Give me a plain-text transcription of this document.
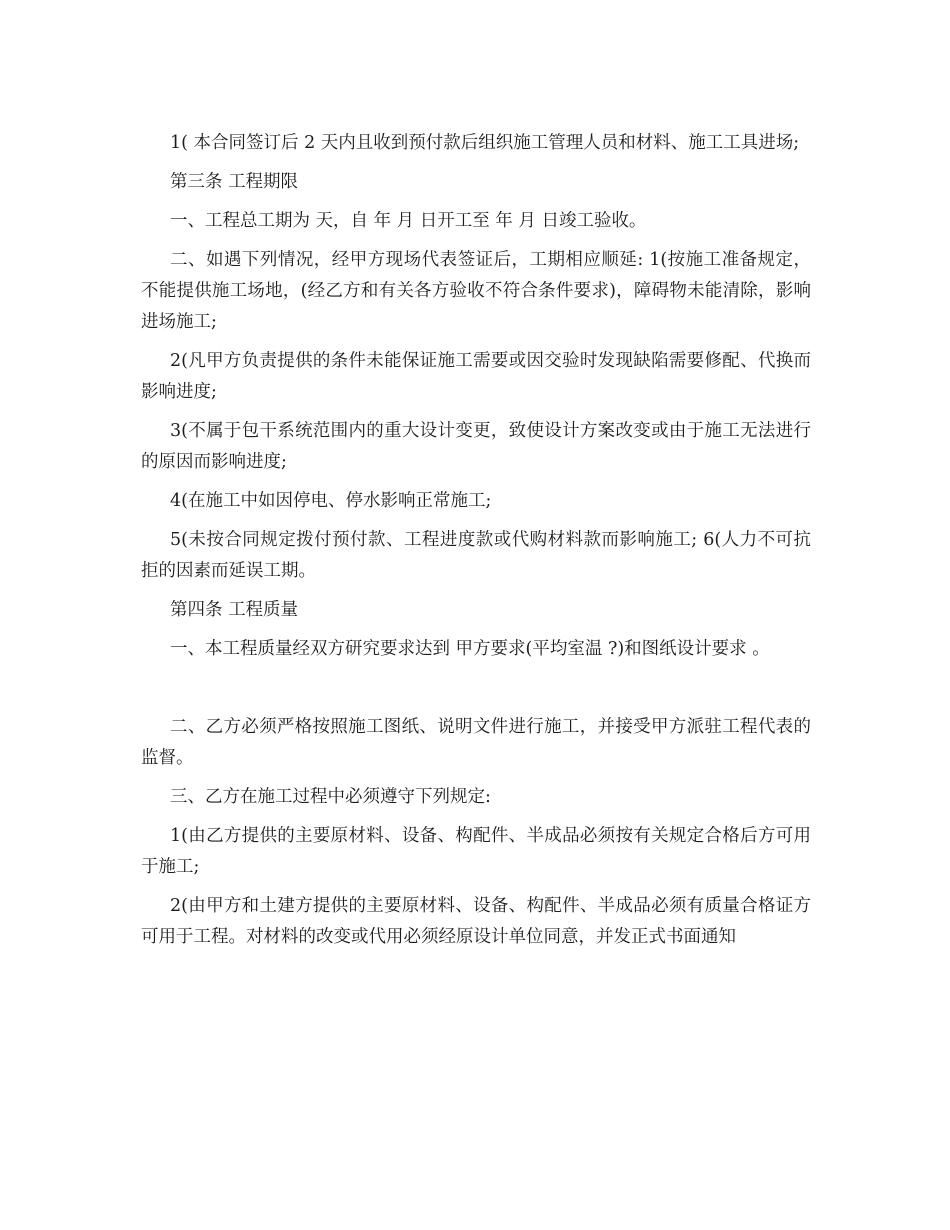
1( 本合同签订后 2 天内且收到预付款后组织施工管理人员和材料、施工工具进场;

第三条 工程期限

一、工程总工期为 天，自 年 月 日开工至 年 月 日竣工验收。

二、如遇下列情况，经甲方现场代表签证后，工期相应顺延: 1(按施工准备规定，不能提供施工场地，(经乙方和有关各方验收不符合条件要求)，障碍物未能清除，影响进场施工;

2(凡甲方负责提供的条件未能保证施工需要或因交验时发现缺陷需要修配、代换而影响进度;

3(不属于包干系统范围内的重大设计变更，致使设计方案改变或由于施工无法进行的原因而影响进度;

4(在施工中如因停电、停水影响正常施工;

5(未按合同规定拨付预付款、工程进度款或代购材料款而影响施工; 6(人力不可抗拒的因素而延误工期。

第四条 工程质量

一、本工程质量经双方研究要求达到 甲方要求(平均室温 ?)和图纸设计要求 。

二、乙方必须严格按照施工图纸、说明文件进行施工，并接受甲方派驻工程代表的监督。

三、乙方在施工过程中必须遵守下列规定:

1(由乙方提供的主要原材料、设备、构配件、半成品必须按有关规定合格后方可用于施工;

2(由甲方和土建方提供的主要原材料、设备、构配件、半成品必须有质量合格证方可用于工程。对材料的改变或代用必须经原设计单位同意，并发正式书面通知
